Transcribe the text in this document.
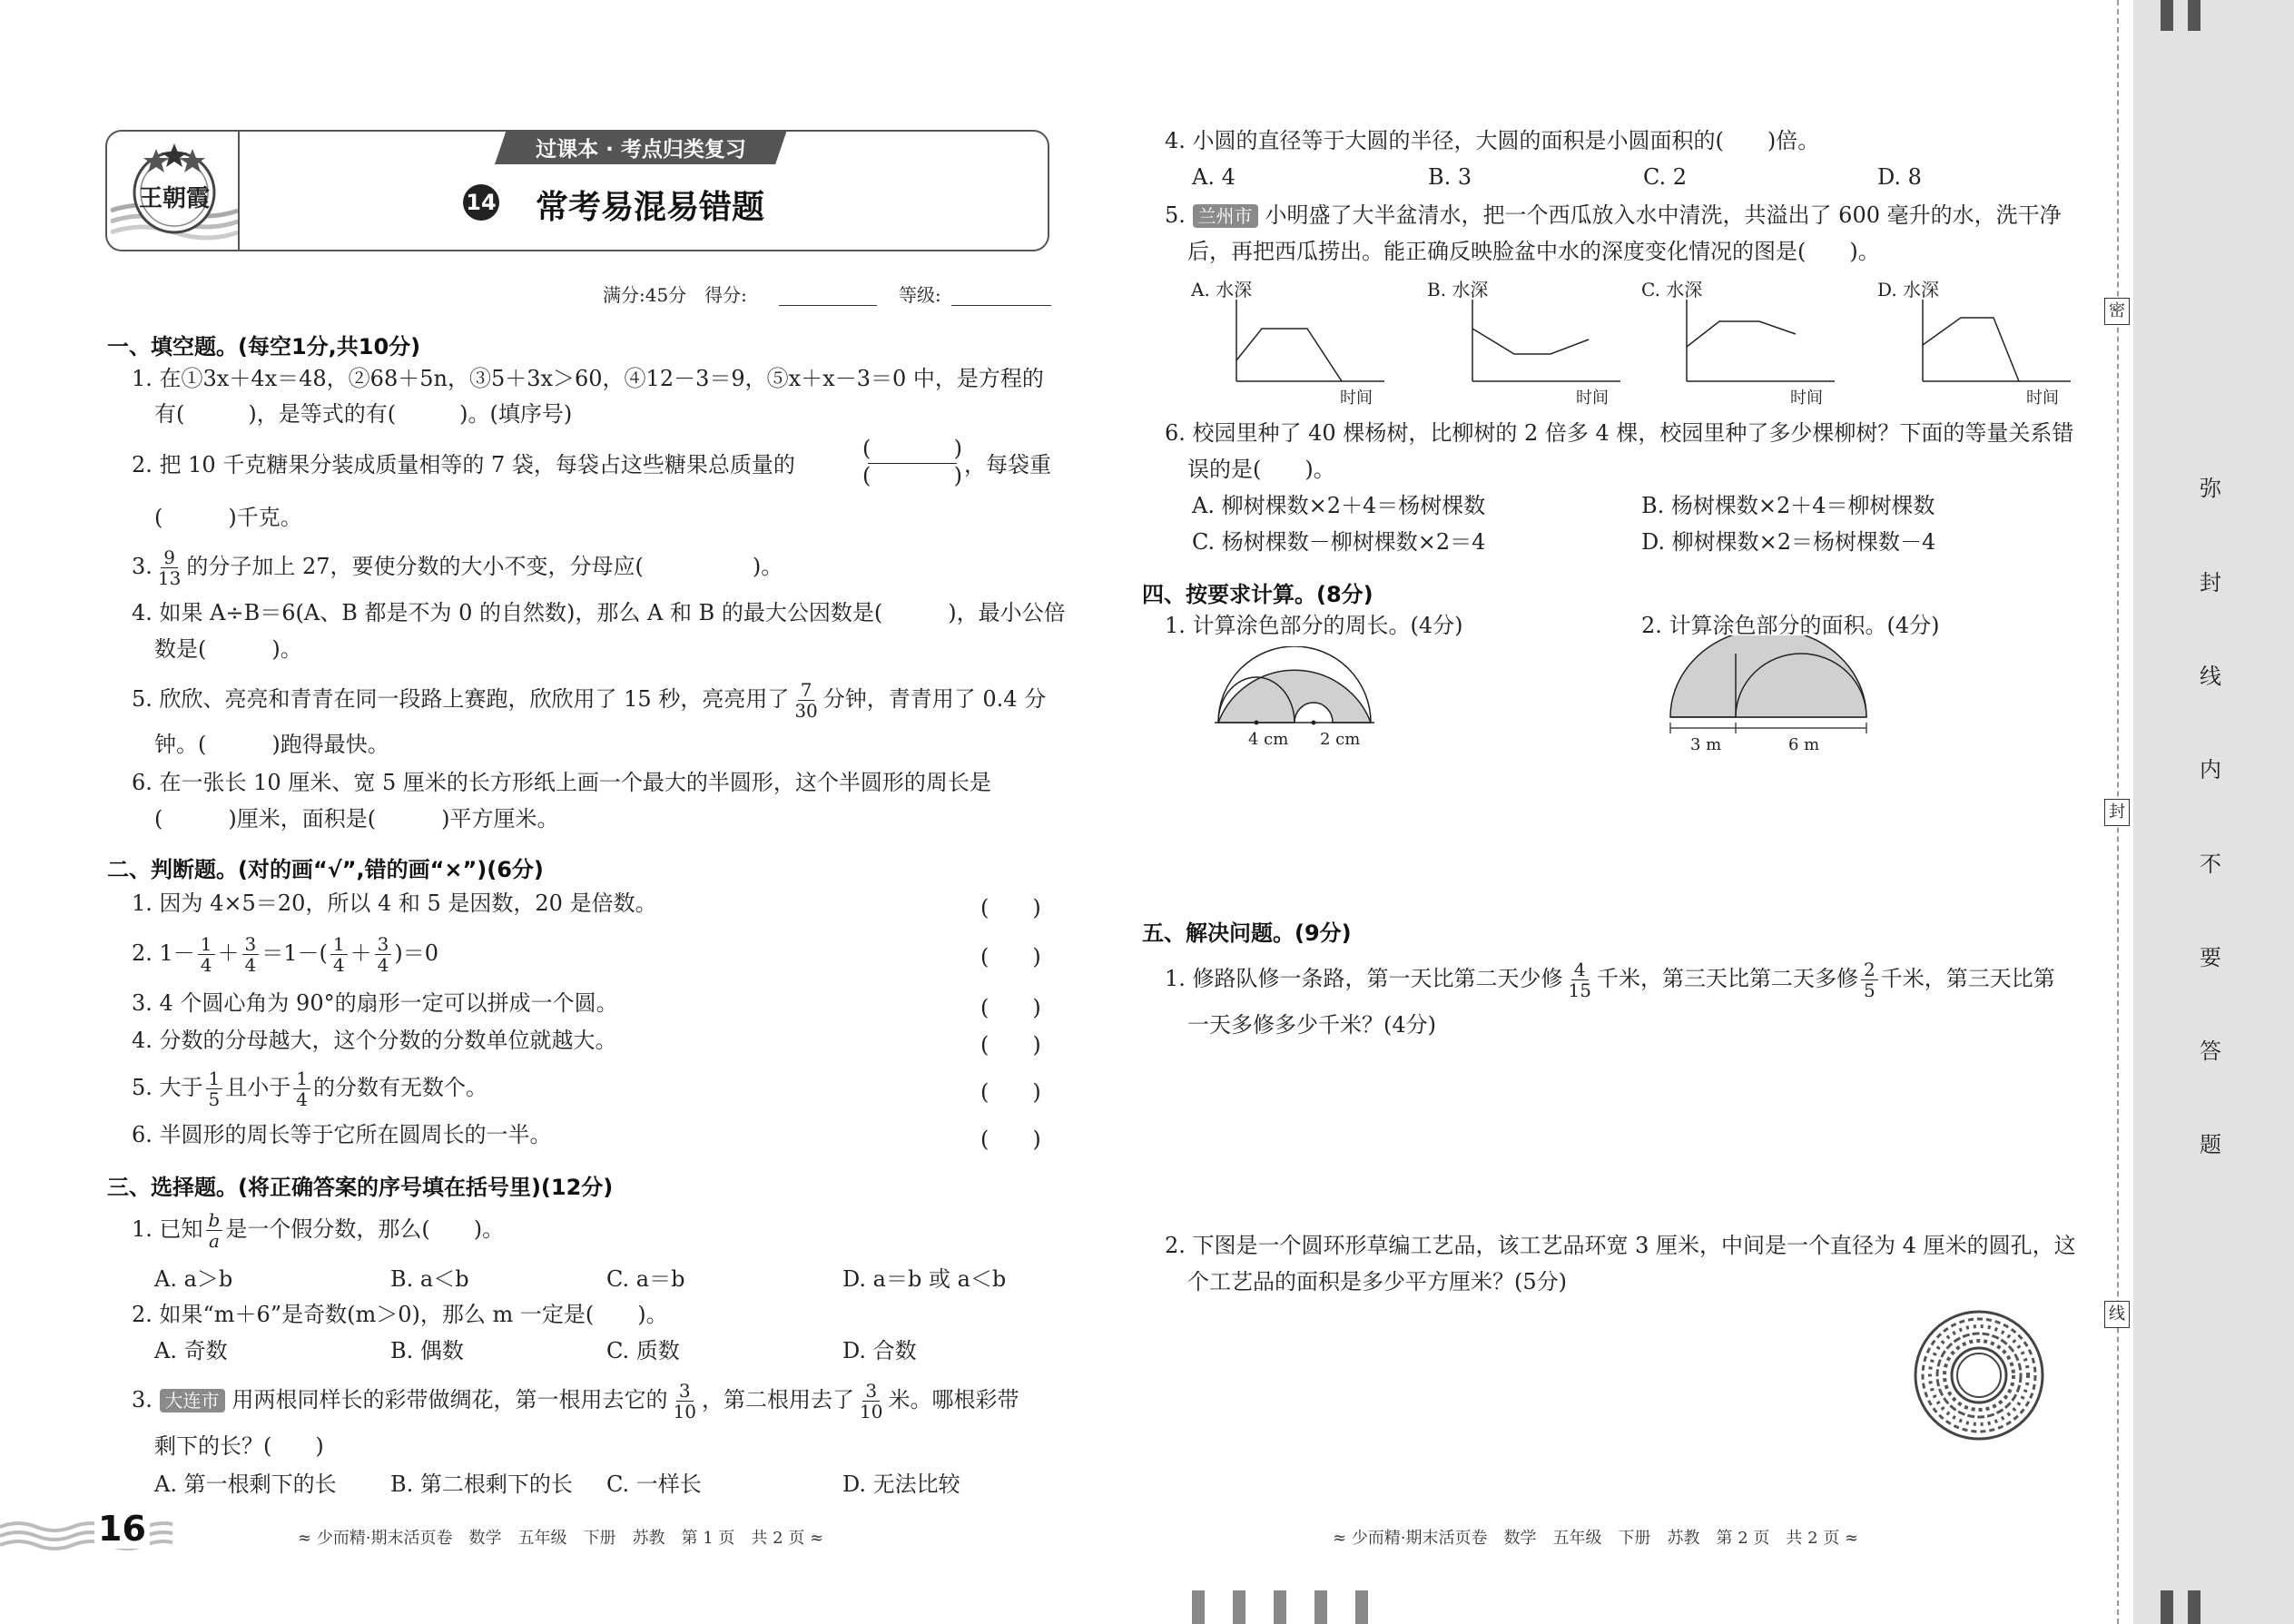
密
封
线
弥
封
线
内
不
要
答
题
王朝霞
过课本 · 考点归类复习
14 常考易混易错题
满分:45分　得分:	等级:
一、填空题。(每空1分,共10分)
1. 在①3x＋4x＝48，②68＋5n，③5＋3x＞60，④12－3＝9，⑤x＋x－3＝0 中，是方程的
有(	)，是等式的有(	)。(填序号)
2. 把 10 千克糖果分装成质量相等的 7 袋，每袋占这些糖果总质量的
(	)
(	) ，每袋重
(　　　)千克。
3. $\frac{9}{13}$ 的分子加上 27，要使分数的大小不变，分母应(　　　　　)。
4. 如果 A÷B＝6(A、B 都是不为 0 的自然数)，那么 A 和 B 的最大公因数是(　　　)，最小公倍
数是(　　　)。
5. 欣欣、亮亮和青青在同一段路上赛跑，欣欣用了 15 秒，亮亮用了 $\frac{7}{30}$ 分钟，青青用了 0.4 分
钟。(　　　)跑得最快。
6. 在一张长 10 厘米、宽 5 厘米的长方形纸上画一个最大的半圆形，这个半圆形的周长是
(　　　)厘米，面积是(　　　)平方厘米。
二、判断题。(对的画“√”,错的画“×”)(6分)
1. 因为 4×5＝20，所以 4 和 5 是因数，20 是倍数。	(　　)
2. $1- \frac{1}{4} + \frac{3}{4} =1-( \frac{1}{4} + \frac{3}{4} )=0$	(　　)
3. 4 个圆心角为 90°的扇形一定可以拼成一个圆。	(　　)
4. 分数的分母越大，这个分数的分数单位就越大。	(　　)
5. 大于 $\frac{1}{5}$ 且小于 $\frac{1}{4}$ 的分数有无数个。	(　　)
6. 半圆形的周长等于它所在圆周长的一半。	(　　)
三、选择题。(将正确答案的序号填在括号里)(12分)
1. 已知 $\frac{b}{a}$ 是一个假分数，那么(　　)。
A. a＞b	B. a＜b	C. a＝b	D. a＝b 或 a＜b
2. 如果“m＋6”是奇数(m＞0)，那么 m 一定是(　　)。
A. 奇数	B. 偶数	C. 质数	D. 合数
3. 大连市 用两根同样长的彩带做绸花，第一根用去它的 $\frac{3}{10}$ ，第二根用去了 $\frac{3}{10}$ 米。哪根彩带
剩下的长？(　　)
A. 第一根剩下的长 B. 第二根剩下的长 C. 一样长	D. 无法比较
16	≈ 少而精·期末活页卷　数学　五年级　下册　苏教　第 1 页　共 2 页 ≈
4. 小圆的直径等于大圆的半径，大圆的面积是小圆面积的(　　)倍。
A. 4	B. 3	C. 2	D. 8
5. 兰州市 小明盛了大半盆清水，把一个西瓜放入水中清洗，共溢出了 600 毫升的水，洗干净
后，再把西瓜捞出。能正确反映脸盆中水的深度变化情况的图是(　　)。
A. 水深
时间
B. 水深
时间
C. 水深
时间
D. 水深
时间
6. 校园里种了 40 棵杨树，比柳树的 2 倍多 4 棵，校园里种了多少棵柳树？下面的等量关系错
误的是(　　)。
A. 柳树棵数×2＋4＝杨树棵数	B. 杨树棵数×2＋4＝柳树棵数
C. 杨树棵数－柳树棵数×2＝4	D. 柳树棵数×2＝杨树棵数－4
四、按要求计算。(8分)
1. 计算涂色部分的周长。(4分)	2. 计算涂色部分的面积。(4分)
4 cm 2 cm	3 m	6 m
五、解决问题。(9分)
1. 修路队修一条路，第一天比第二天少修 $\frac{4}{15}$ 千米，第三天比第二天多修 $\frac{2}{5}$ 千米，第三天比第
一天多修多少千米？(4分)
2. 下图是一个圆环形草编工艺品，该工艺品环宽 3 厘米，中间是一个直径为 4 厘米的圆孔，这
个工艺品的面积是多少平方厘米？(5分)
≈ 少而精·期末活页卷　数学　五年级　下册　苏教　第 2 页　共 2 页 ≈
